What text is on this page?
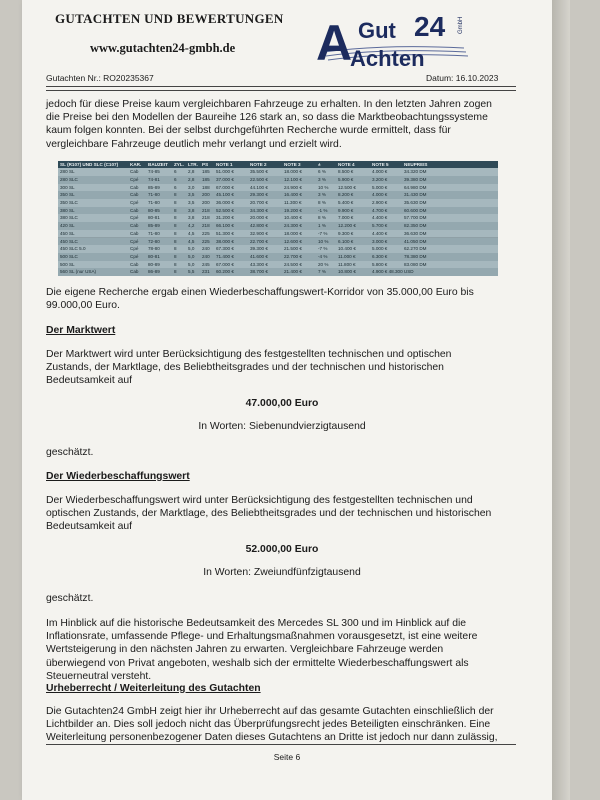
GUTACHTEN UND BEWERTUNGEN
www.gutachten24-gmbh.de A Gut 24
Achten
GmbH
Gutachten Nr.: RO20235367	Datum: 16.10.2023
jedoch für diese Preise kaum vergleichbaren Fahrzeuge zu erhalten. In den letzten Jahren zogen
die Preise bei den Modellen der Baureihe 126 stark an, so dass die Marktbeobachtungssysteme
kaum folgen konnten. Bei der selbst durchgeführten Recherche wurde ermittelt, dass für
vergleichbare Fahrzeuge deutlich mehr verlangt und erzielt wird.
SL (R107) UND SLC (C107)	KAR.	BAUZEIT	ZYL. LTR. PS	NOTE 1	NOTE 2	NOTE 3	±	NOTE 4	NOTE 5	NEUPREIS
280 SL	Cab	74-85	6	2,8	185	51.000 €	35.500 €	18.000 €	6 %	8.500 €	4.000 €	34.320 DM
280 SLC	Cpé	74-81	6	2,8	185	37.000 €	22.500 €	12.100 €	3 %	5.900 €	3.200 €	39.380 DM
300 SL	Cab	85-89	6	3,0	188	67.000 €	44.100 €	24.900 €	10 %	12.500 €	5.000 €	64.980 DM
350 SL	Cab	71-80	8	3,5	200	45.100 €	29.300 €	16.400 €	3 %	8.200 €	4.000 €	31.430 DM
350 SLC	Cpé	71-80	8	3,5	200	36.000 €	20.700 €	11.300 €	8 %	5.400 €	2.900 €	35.630 DM
380 SL	Cab	80-85	8	3,8	218	52.500 €	34.300 €	19.200 €	-1 %	9.900 €	4.700 €	60.600 DM
380 SLC	Cpé	80-81	8	3,8	218	31.200 €	20.000 €	10.400 €	8 %	7.000 €	4.400 €	57.700 DM
420 SL	Cab	85-89	8	4,2	218	66.100 €	42.800 €	24.300 €	1 %	12.200 €	5.700 €	82.350 DM
450 SL	Cab	71-80	8	4,5	225	51.300 €	32.900 €	18.000 €	-7 %	9.300 €	4.400 €	36.630 DM
450 SLC	Cpé	72-80	8	4,5	225	38.000 €	22.700 €	12.600 €	10 %	6.100 €	3.000 €	41.050 DM
450 SLC 5.0	Cpé	78-80	8	5,0	240	67.300 €	39.300 €	21.500 €	-7 %	10.400 €	5.000 €	62.270 DM
500 SLC	Cpé	80-81	8	5,0	240	71.400 €	41.600 €	22.700 €	-4 %	11.000 €	6.300 €	78.380 DM
500 SL	Cab	80-89	8	5,0	245	67.000 €	43.300 €	24.500 €	20 %	11.800 €	5.800 €	83.080 DM
560 SL (nur USA)	Cab	86-89	8	5,5	231	60.200 €	38.700 €	21.400 €	7 %	10.800 €	4.900 € 48.300 USD
Die eigene Recherche ergab einen Wiederbeschaffungswert-Korridor von 35.000,00 Euro bis
99.000,00 Euro.
Der Marktwert
Der Marktwert wird unter Berücksichtigung des festgestellten technischen und optischen
Zustands, der Marktlage, des Beliebtheitsgrades und der technischen und historischen
Bedeutsamkeit auf
47.000,00 Euro
In Worten: Siebenundvierzigtausend
geschätzt.
Der Wiederbeschaffungswert
Der Wiederbeschaffungswert wird unter Berücksichtigung des festgestellten technischen und
optischen Zustands, der Marktlage, des Beliebtheitsgrades und der technischen und historischen
Bedeutsamkeit auf
52.000,00 Euro
In Worten: Zweiundfünfzigtausend
geschätzt.
Im Hinblick auf die historische Bedeutsamkeit des Mercedes SL 300 und im Hinblick auf die
Inflationsrate, umfassende Pflege- und Erhaltungsmaßnahmen vorausgesetzt, ist eine weitere
Wertsteigerung in den nächsten Jahren zu erwarten. Vergleichbare Fahrzeuge werden
überwiegend von Privat angeboten, weshalb sich der ermittelte Wiederbeschaffungswert als
Steuerneutral versteht.
Urheberrecht / Weiterleitung des Gutachten
Die Gutachten24 GmbH zeigt hier ihr Urheberrecht auf das gesamte Gutachten einschließlich der
Lichtbilder an. Dies soll jedoch nicht das Überprüfungsrecht jedes Beteiligten einschränken. Eine
Weiterleitung personenbezogener Daten dieses Gutachtens an Dritte ist jedoch nur dann zulässig,
Seite 6
